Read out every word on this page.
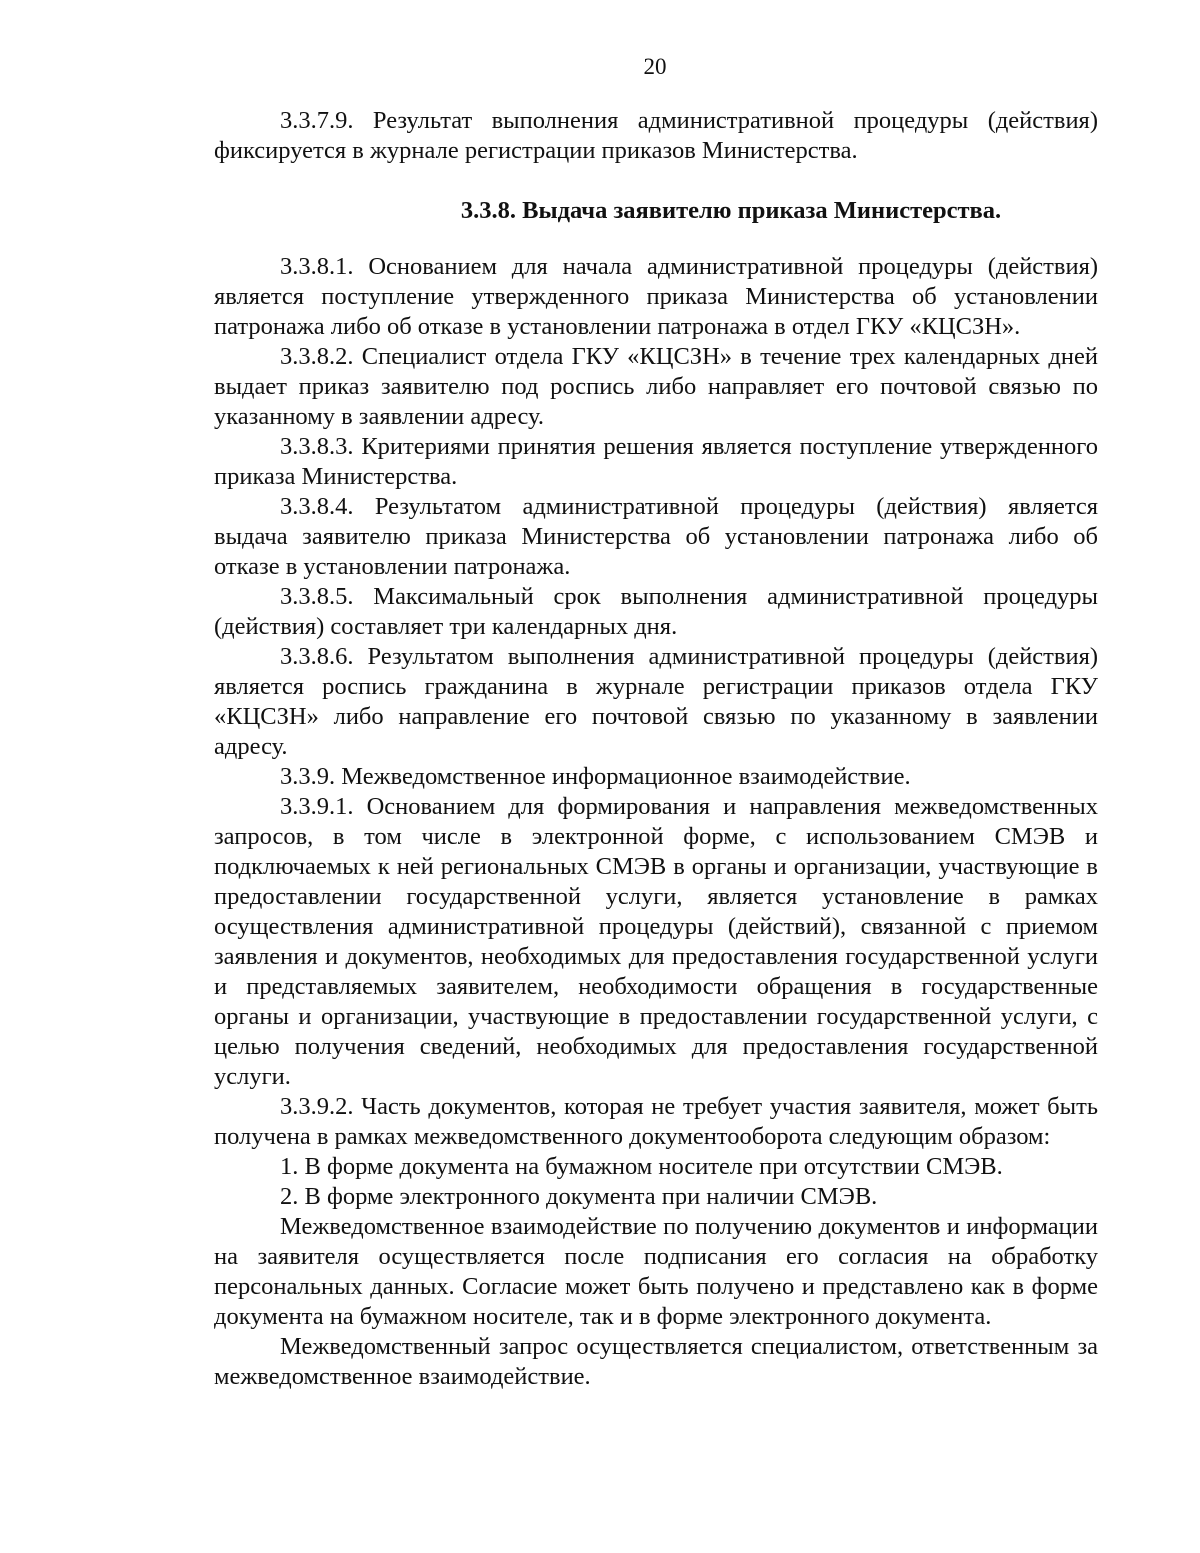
20

3.3.7.9. Результат выполнения административной процедуры (действия) фиксируется в журнале регистрации приказов Министерства.

3.3.8. Выдача заявителю приказа Министерства.

3.3.8.1. Основанием для начала административной процедуры (действия) является поступление утвержденного приказа Министерства об установлении патронажа либо об отказе в установлении патронажа в отдел ГКУ «КЦСЗН».

3.3.8.2. Специалист отдела ГКУ «КЦСЗН» в течение трех календарных дней выдает приказ заявителю под роспись либо направляет его почтовой связью по указанному в заявлении адресу.

3.3.8.3. Критериями принятия решения является поступление утвержденного приказа Министерства.

3.3.8.4. Результатом административной процедуры (действия) является выдача заявителю приказа Министерства об установлении патронажа либо об отказе в установлении патронажа.

3.3.8.5. Максимальный срок выполнения административной процедуры (действия) составляет три календарных дня.

3.3.8.6. Результатом выполнения административной процедуры (действия) является роспись гражданина в журнале регистрации приказов отдела ГКУ «КЦСЗН» либо направление его почтовой связью по указанному в заявлении адресу.

3.3.9. Межведомственное информационное взаимодействие.

3.3.9.1. Основанием для формирования и направления межведомственных запросов, в том числе в электронной форме, с использованием СМЭВ и подключаемых к ней региональных СМЭВ в органы и организации, участвующие в предоставлении государственной услуги, является установление в рамках осуществления административной процедуры (действий), связанной с приемом заявления и документов, необходимых для предоставления государственной услуги и представляемых заявителем, необходимости обращения в государственные органы и организации, участвующие в предоставлении государственной услуги, с целью получения сведений, необходимых для предоставления государственной услуги.

3.3.9.2. Часть документов, которая не требует участия заявителя, может быть получена в рамках межведомственного документооборота следующим образом:

1. В форме документа на бумажном носителе при отсутствии СМЭВ.

2. В форме электронного документа при наличии СМЭВ.

Межведомственное взаимодействие по получению документов и информации на заявителя осуществляется после подписания его согласия на обработку персональных данных. Согласие может быть получено и представлено как в форме документа на бумажном носителе, так и в форме электронного документа.

Межведомственный запрос осуществляется специалистом, ответственным за межведомственное взаимодействие.
